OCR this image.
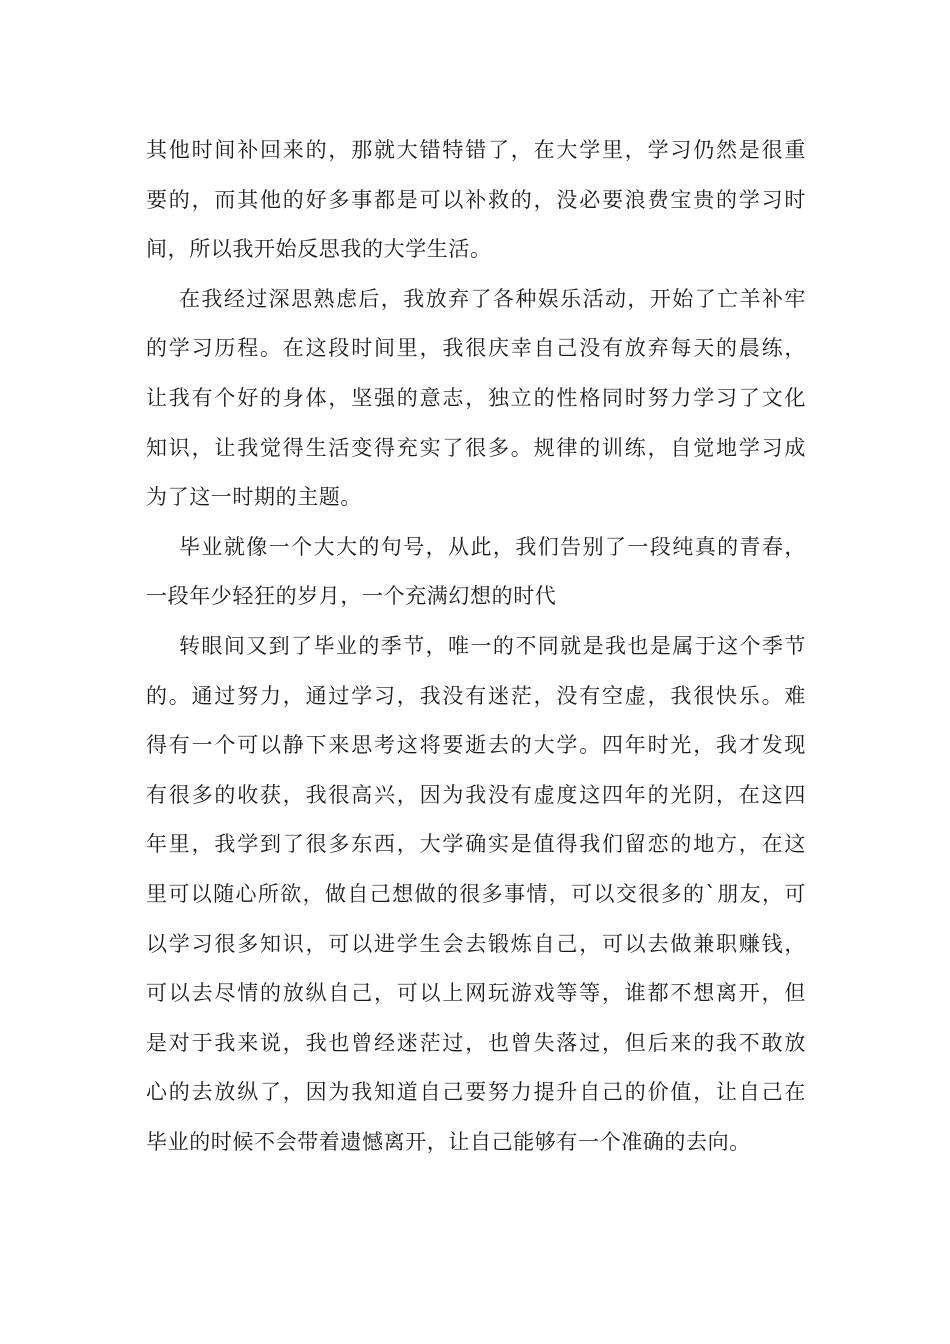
其他时间补回来的，那就大错特错了，在大学里，学习仍然是很重
要的，而其他的好多事都是可以补救的，没必要浪费宝贵的学习时
间，所以我开始反思我的大学生活。
在我经过深思熟虑后，我放弃了各种娱乐活动，开始了亡羊补牢
的学习历程。在这段时间里，我很庆幸自己没有放弃每天的晨练，
让我有个好的身体，坚强的意志，独立的性格同时努力学习了文化
知识，让我觉得生活变得充实了很多。规律的训练，自觉地学习成
为了这一时期的主题。
毕业就像一个大大的句号，从此，我们告别了一段纯真的青春，
一段年少轻狂的岁月，一个充满幻想的时代
转眼间又到了毕业的季节，唯一的不同就是我也是属于这个季节
的。通过努力，通过学习，我没有迷茫，没有空虚，我很快乐。难
得有一个可以静下来思考这将要逝去的大学。四年时光，我才发现
有很多的收获，我很高兴，因为我没有虚度这四年的光阴，在这四
年里，我学到了很多东西，大学确实是值得我们留恋的地方，在这
里可以随心所欲，做自己想做的很多事情，可以交很多的`朋友，可
以学习很多知识，可以进学生会去锻炼自己，可以去做兼职赚钱，
可以去尽情的放纵自己，可以上网玩游戏等等，谁都不想离开，但
是对于我来说，我也曾经迷茫过，也曾失落过，但后来的我不敢放
心的去放纵了，因为我知道自己要努力提升自己的价值，让自己在
毕业的时候不会带着遗憾离开，让自己能够有一个准确的去向。
